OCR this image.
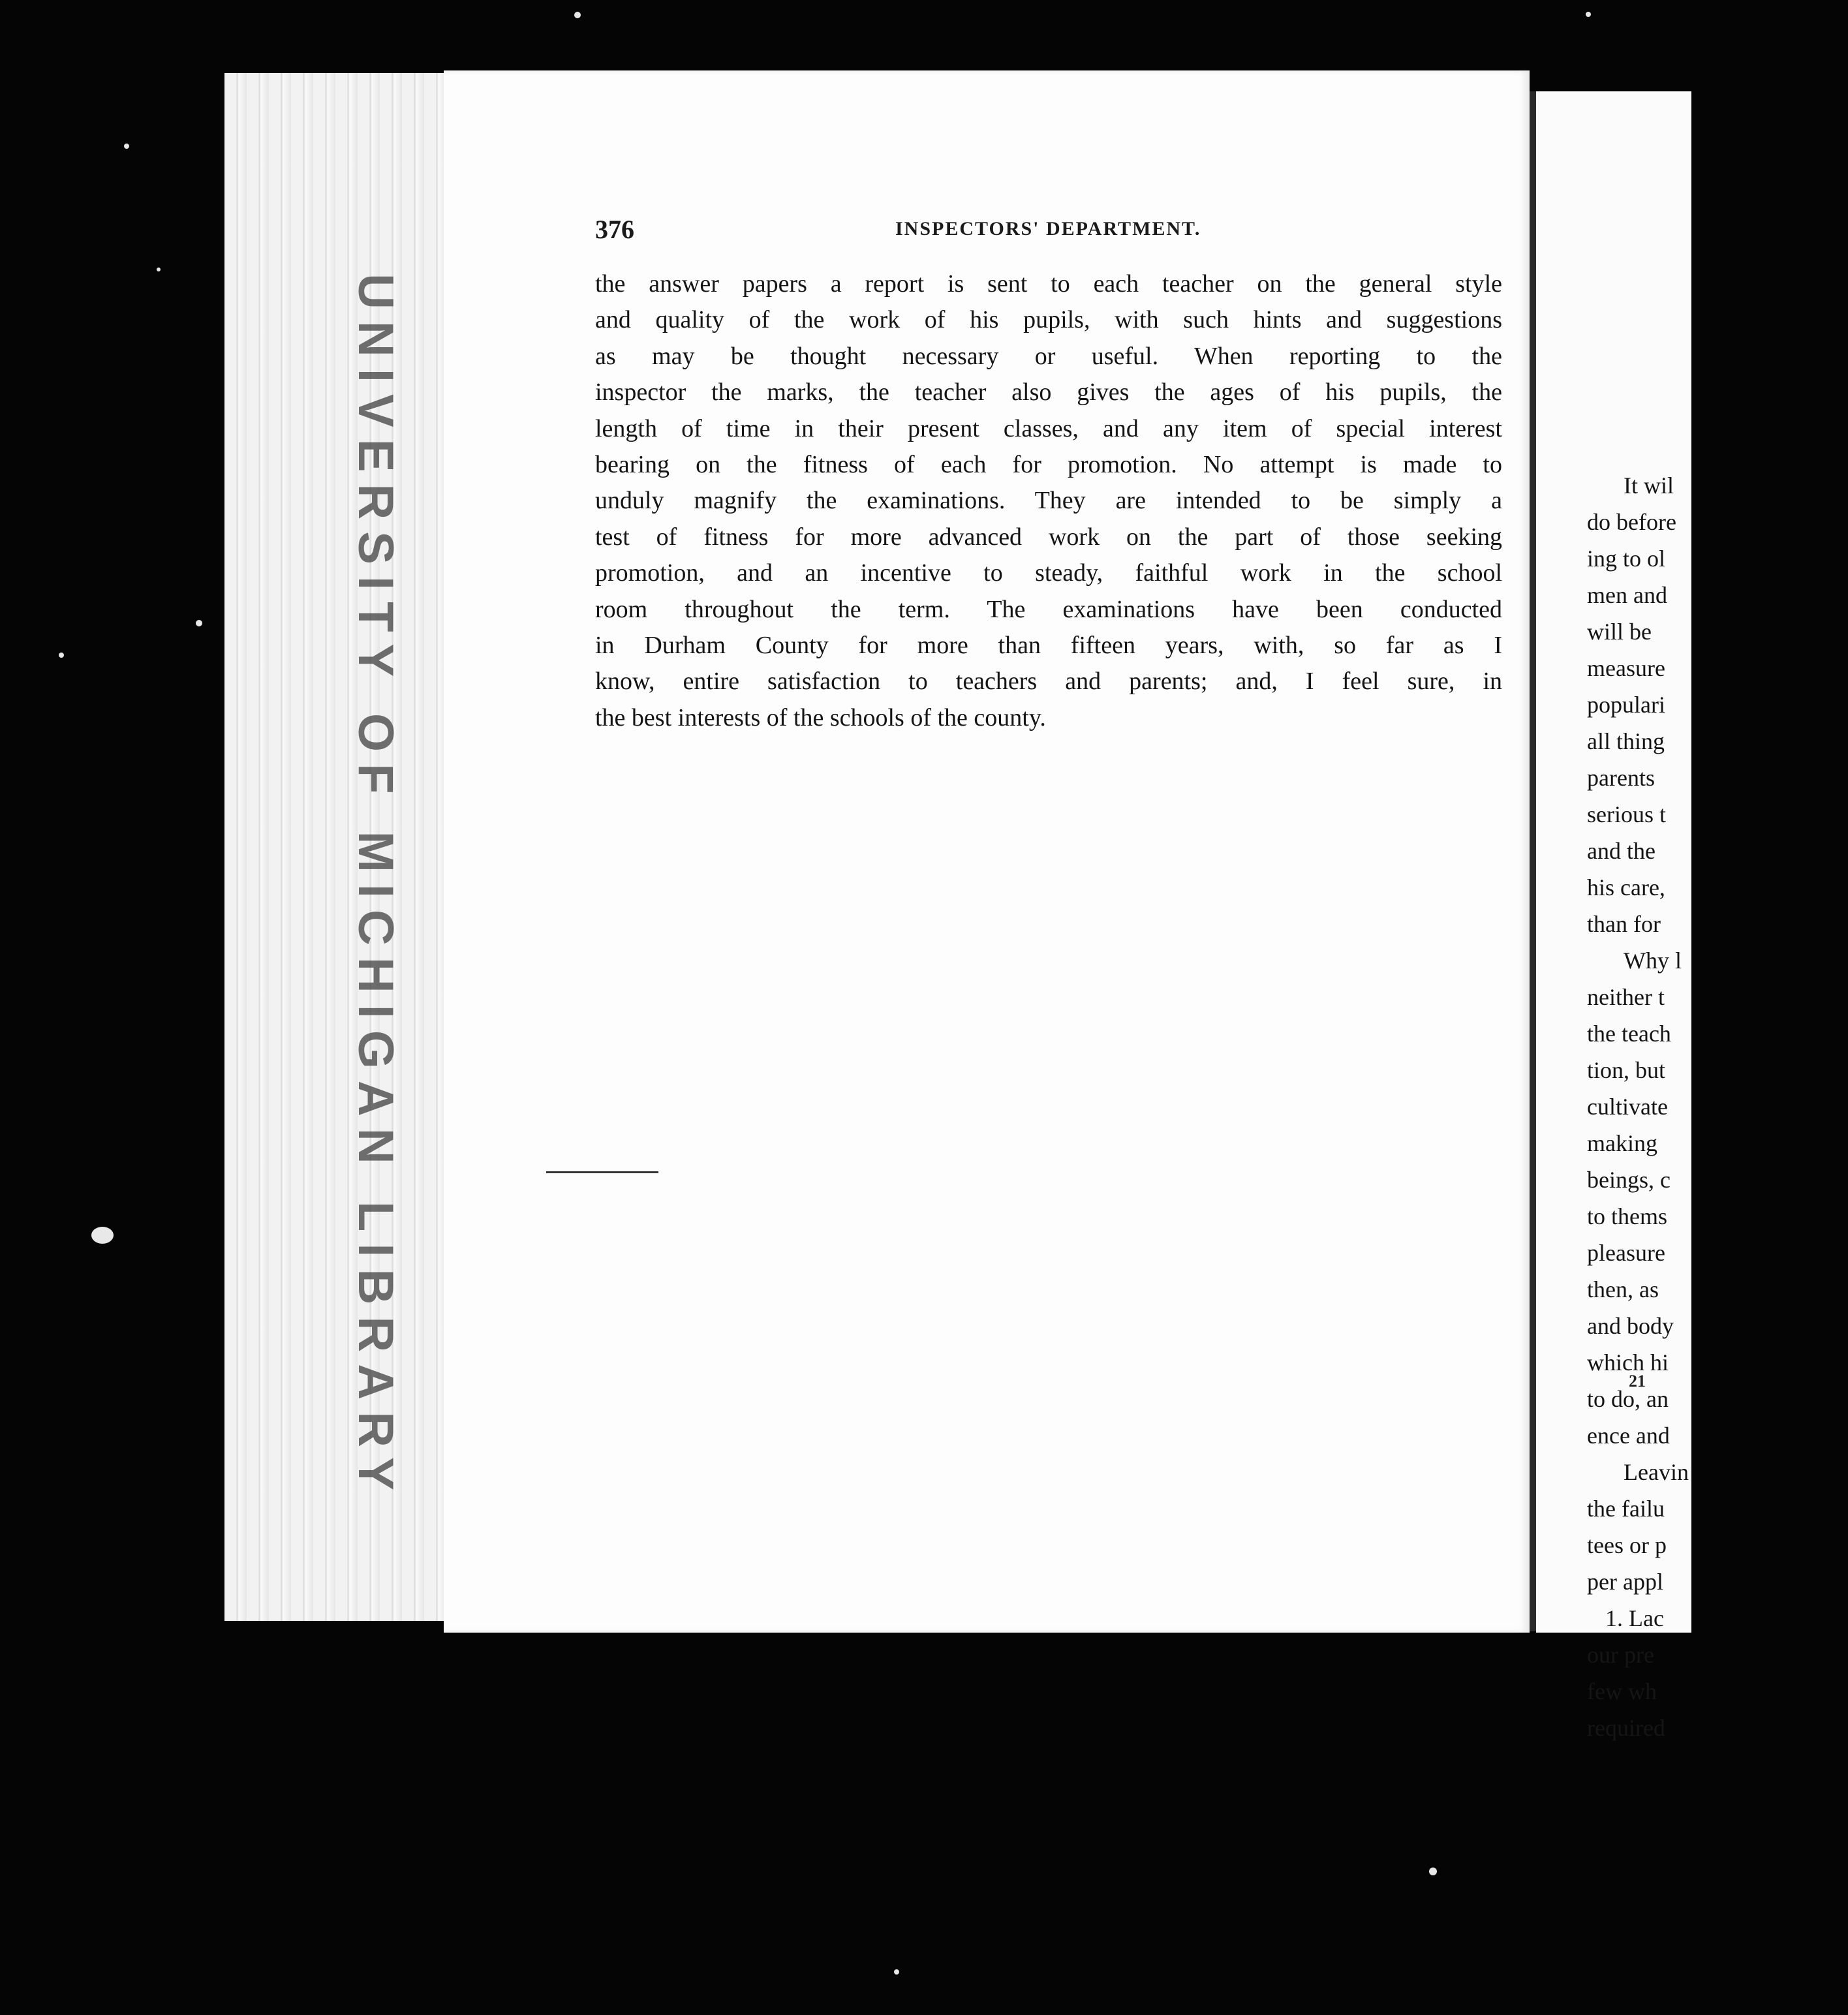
UNIVERSITY OF MICHIGAN LIBRARY
376	INSPECTORS' DEPARTMENT.
the answer papers a report is sent to each teacher on the general style
and quality of the work of his pupils, with such hints and suggestions
as may be thought necessary or useful. When reporting to the
inspector the marks, the teacher also gives the ages of his pupils, the
length of time in their present classes, and any item of special interest
bearing on the fitness of each for promotion. No attempt is made to
unduly magnify the examinations. They are intended to be simply a
test of fitness for more advanced work on the part of those seeking
promotion, and an incentive to steady, faithful work in the school
room throughout the term. The examinations have been conducted
in Durham County for more than fifteen years, with, so far as I
know, entire satisfaction to teachers and parents; and, I feel sure, in
the best interests of the schools of the county.
It wil
do before
ing to ol
men and
will be
measure
populari
all thing
parents
serious t
and the
his care,
than for
Why l
neither t
the teach
tion, but
cultivate
making
beings, c
to thems
pleasure
then, as
and body
which hi
to do, an
ence and
Leavin
the failu
tees or p
per appl
1. Lac
our pre
few wh
required
21
